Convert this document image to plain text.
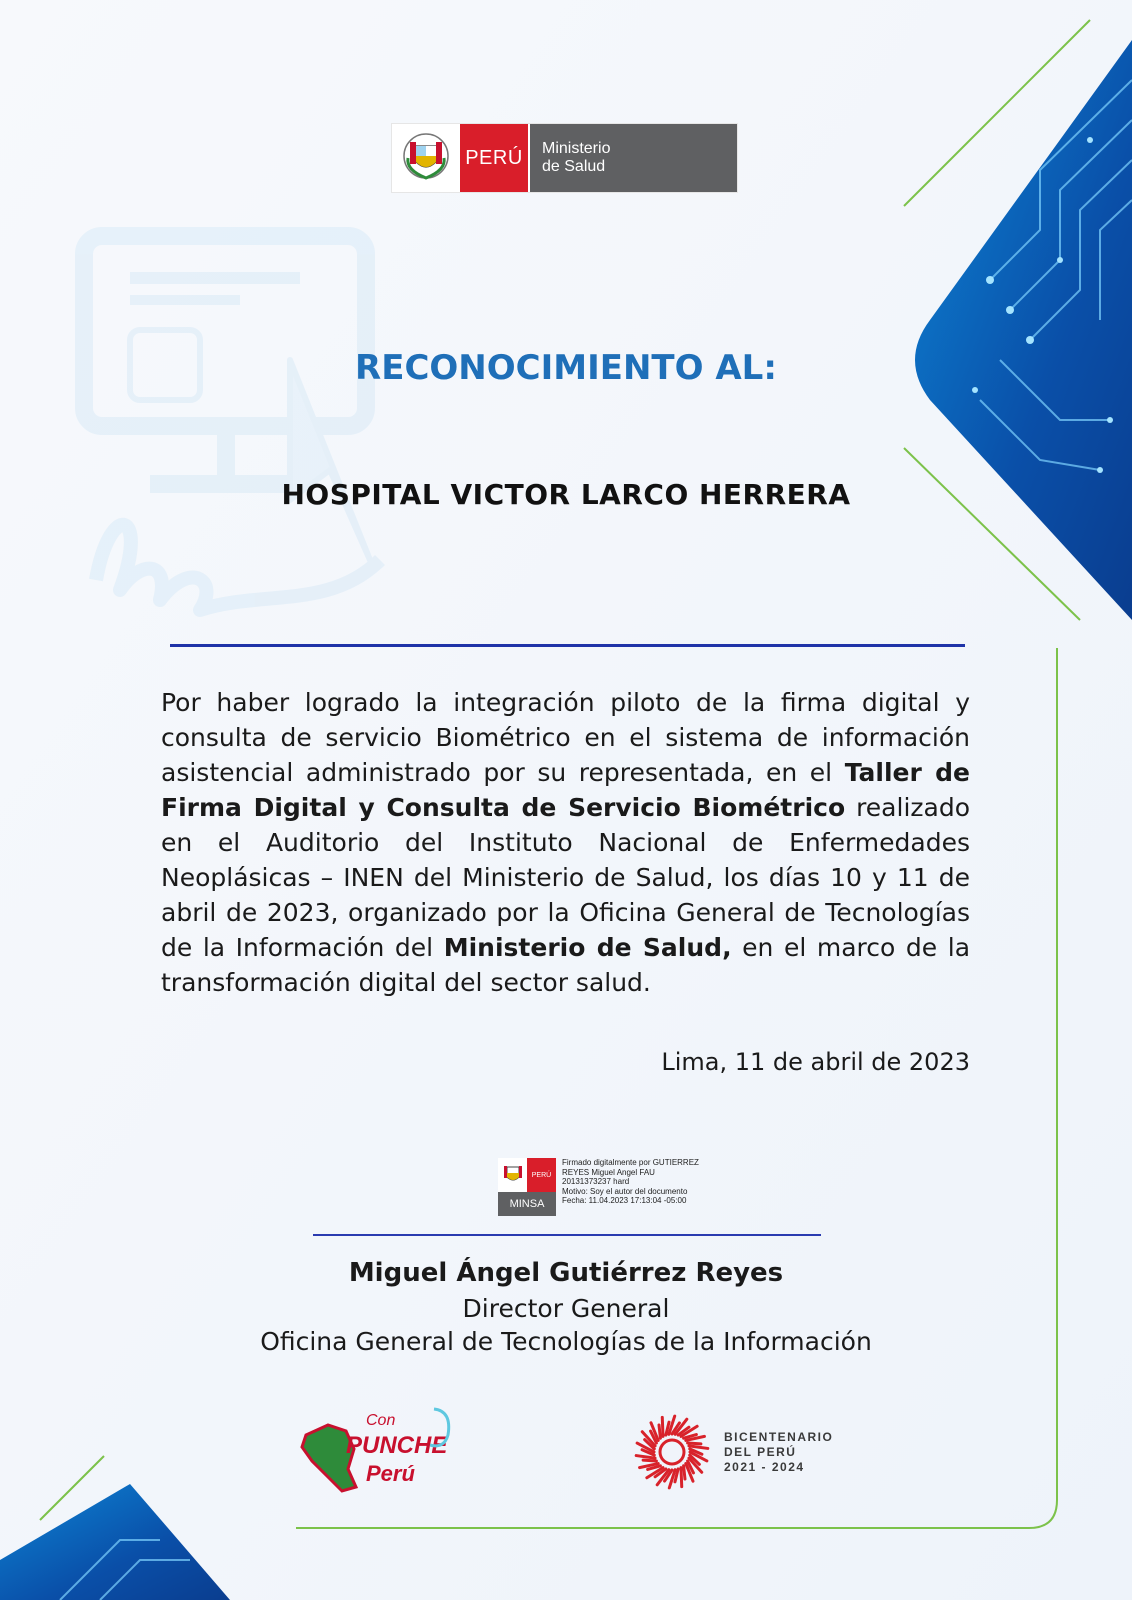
PERÚ	Ministerio
de Salud
RECONOCIMIENTO AL:
HOSPITAL VICTOR LARCO HERRERA
Por haber logrado la integración piloto de la firma digital y consulta de servicio Biométrico en el sistema de información asistencial administrado por su representada, en el Taller de Firma Digital y Consulta de Servicio Biométrico realizado en el Auditorio del Instituto Nacional de Enfermedades Neoplásicas – INEN del Ministerio de Salud, los días 10 y 11 de abril de 2023, organizado por la Oficina General de Tecnologías de la Información del Ministerio de Salud, en el marco de la transformación digital del sector salud.
Lima, 11 de abril de 2023
PERÚ
MINSA
Firmado digitalmente por GUTIERREZ
REYES Miguel Angel FAU
20131373237 hard
Motivo: Soy el autor del documento
Fecha: 11.04.2023 17:13:04 -05:00
Miguel Ángel Gutiérrez Reyes
Director General
Oficina General de Tecnologías de la Información
Con
PUNCHE
Perú
BICENTENARIO
DEL PERÚ
2021 - 2024
